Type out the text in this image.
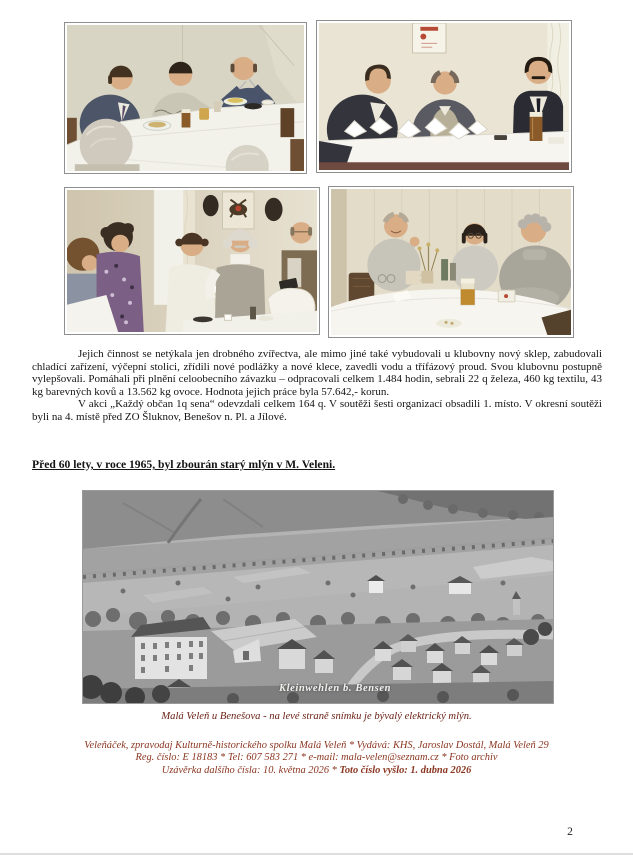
Jejich činnost se netýkala jen drobného zvířectva, ale mimo jiné také vybudovali u klubovny nový sklep, zabudovali chladící zařízení, výčepní stolici, zřídili nové podlážky a nové klece, zavedli vodu a třífázový proud. Svou klubovnu postupně vylepšovali. Pomáhali při plnění celoobecního závazku – odpracovali celkem 1.484 hodin, sebrali 22 q železa, 460 kg textilu, 43 kg barevných kovů a 13.562 kg ovoce. Hodnota jejich práce byla 57.642,- korun.

V akci „Každý občan 1q sena“ odevzdali celkem 164 q. V soutěži šesti organizací obsadili 1. místo. V okresní soutěži byli na 4. místě před ZO Šluknov, Benešov n. Pl. a Jílové.

Před 60 lety, v roce 1965, byl zbourán starý mlýn v M. Veleni.

Kleinwehlen b. Bensen
Malá Veleň u Benešova - na levé straně snímku je bývalý elektrický mlýn.
Veleňáček, zpravodaj Kulturně-historického spolku Malá Veleň * Vydává: KHS, Jaroslav Dostál, Malá Veleň 29
Reg. číslo: E 18183 * Tel: 607 583 271 * e-mail: mala-velen@seznam.cz * Foto archiv
Uzávěrka dalšího čísla: 10. května 2026 * Toto číslo vyšlo: 1. dubna 2026
2
